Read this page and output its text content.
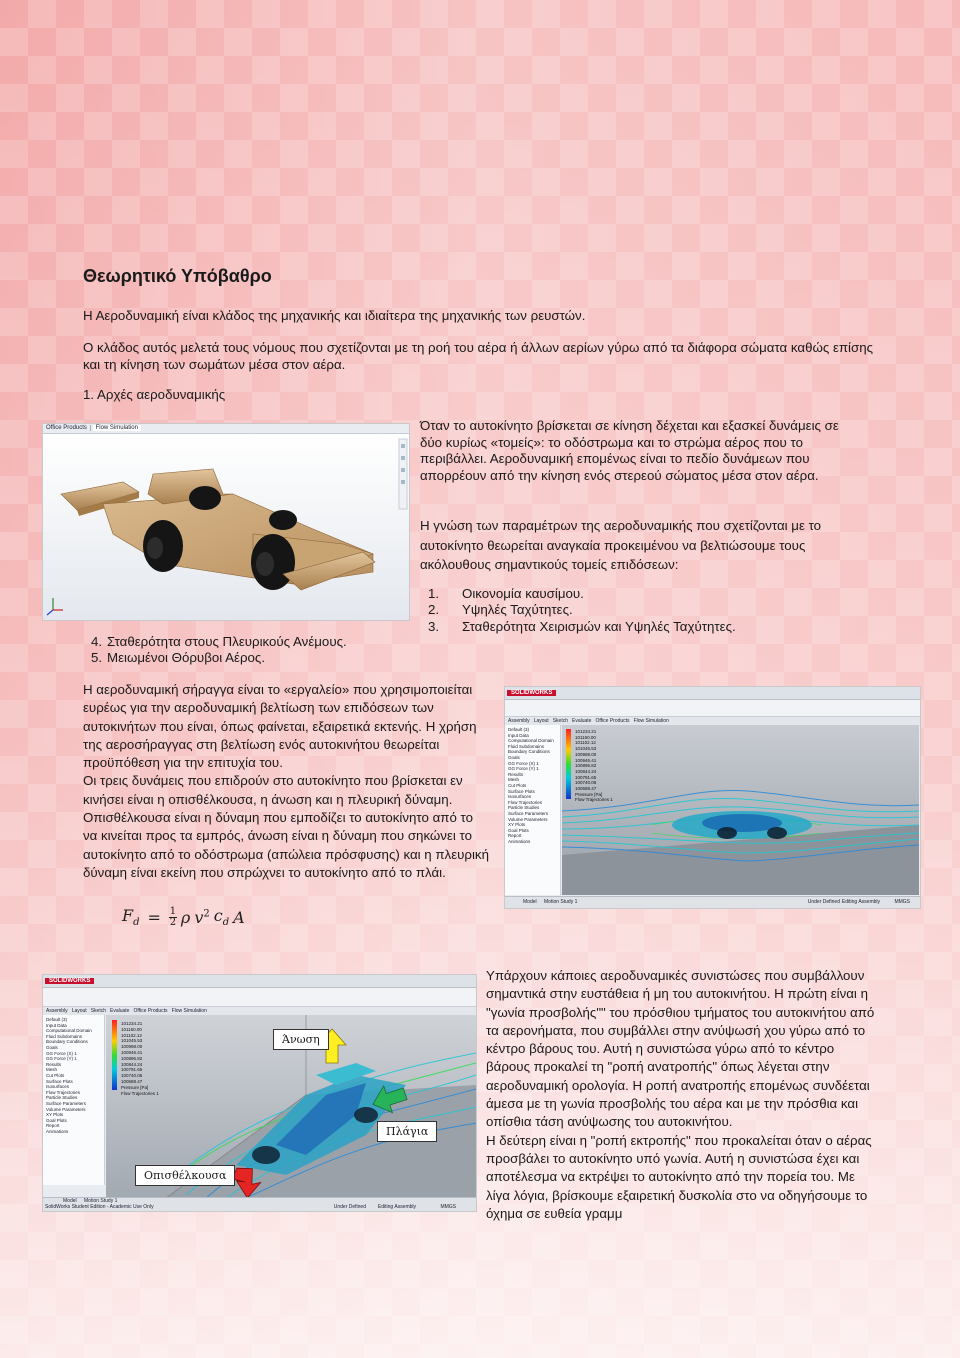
Θεωρητικό Υπόβαθρο

Η Αεροδυναμική είναι κλάδος της μηχανικής και ιδιαίτερα της μηχανικής των ρευστών.

Ο κλάδος αυτός μελετά τους νόμους που σχετίζονται με τη ροή του αέρα ή άλλων αερίων γύρω από τα διάφορα σώματα καθώς επίσης και τη κίνηση των σωμάτων μέσα στον αέρα.

1. Αρχές αεροδυναμικής

Office Products Flow Simulation	Όταν το αυτοκίνητο βρίσκεται σε κίνηση δέχεται και εξασκεί δυνάμεις σε δύο κυρίως «τομείς»: το οδόστρωμα και το στρώμα αέρος που το περιβάλλει. Αεροδυναμική επομένως είναι το πεδίο δυνάμεων που απορρέουν από την κίνηση ενός στερεού σώματος μέσα στον αέρα.

Η γνώση των παραμέτρων της αεροδυναμικής που σχετίζονται με το αυτοκίνητο θεωρείται αναγκαία προκειμένου να βελτιώσουμε τους ακόλουθους σημαντικούς τομείς επιδόσεων:

1.	Οικονομία καυσίμου.
2.	Υψηλές Ταχύτητες.
3.	Σταθερότητα Χειρισμών και Υψηλές Ταχύτητες.
4. Σταθερότητα στους Πλευρικούς Ανέμους.
5. Μειωμένοι Θόρυβοι Αέρος.

Η αεροδυναμική σήραγγα είναι το «εργαλείο» που χρησιμοποιείται ευρέως για την αεροδυναμική βελτίωση των επιδόσεων των αυτοκινήτων που είναι, όπως φαίνεται, εξαιρετικά εκτενής. Η χρήση της αεροσήραγγας στη βελτίωση ενός αυτοκινήτου θεωρείται προϋπόθεση για την επιτυχία του.

Οι τρεις δυνάμεις που επιδρούν στο αυτοκίνητο που βρίσκεται εν κινήσει είναι η οπισθέλκουσα, η άνωση και η πλευρική δύναμη. Οπισθέλκουσα είναι η δύναμη που εμποδίζει το αυτοκίνητο από το να κινείται προς τα εμπρός, άνωση είναι η δύναμη που σηκώνει το αυτοκίνητο από το οδόστρωμα (απώλεια πρόσφυσης) και η πλευρική δύναμη είναι εκείνη που σπρώχνει το αυτοκίνητο από το πλάι.

$F_d = 1$
2 ρ $v^2$ $c_d$ A
SOLIDWORKS
Assembly Layout Sketch Evaluate Office Products Flow Simulation
Default (3)
Input Data
Computational Domain
Fluid Subdomains
Boundary Conditions
Goals
GG Force (X) 1
GG Force (Y) 1
Results
Mesh
Cut Plots
Surface Plots
Isosurfaces
Flow Trajectories
Particle Studies
Surface Parameters
Volume Parameters
XY Plots
Goal Plots
Report
Animations
101234.21
101160.00
101102.12
101045.53
100998.00
100946.41
100896.82
100844.24
100791.65
100740.06
100688.47
Pressure [Pa]
Flow Trajectories 1
Model Motion Study 1	Under Defined Editing Assembly	MMGS
SOLIDWORKS
Assembly Layout Sketch Evaluate Office Products Flow Simulation
Default (3)
Input Data
Computational Domain
Fluid Subdomains
Boundary Conditions
Goals
GG Force (X) 1
GG Force (Y) 1
Results
Mesh
Cut Plots
Surface Plots
Isosurfaces
Flow Trajectories
Particle Studies
Surface Parameters
Volume Parameters
XY Plots
Goal Plots
Report
Animations
101234.21
101160.00
101102.12
101045.53
100998.00
100946.41
100896.82
100844.24
100791.65
100740.06
100688.47
Pressure [Pa]
Flow Trajectories 1
Άνωση
Πλάγια
Οπισθέλκουσα
Model Motion Study 1
SolidWorks Student Edition - Academic Use Only	Under Defined Editing Assembly	MMGS

Υπάρχουν κάποιες αεροδυναμικές συνιστώσες που συμβάλλουν σημαντικά στην ευστάθεια ή μη του αυτοκινήτου. Η πρώτη είναι η "γωνία προσβολής"" του πρόσθιου τμήματος του αυτοκινήτου από τα αερονήματα, που συμβάλλει στην ανύψωσή χου γύρω από το κέντρο βάρους του. Αυτή η συνιστώσα γύρω από το κέντρο βάρους προκαλεί τη "ροπή ανατροπής" όπως λέγεται στην αεροδυναμική ορολογία. Η ροπή ανατροπής επομένως συνδέεται άμεσα με τη γωνία προσβολής του αέρα και με την πρόσθια και οπίσθια τάση ανύψωσης του αυτοκινήτου.

Η δεύτερη είναι η "ροπή εκτροπής" που προκαλείται όταν ο αέρας προσβάλει το αυτοκίνητο υπό γωνία. Αυτή η συνιστώσα έχει και αποτέλεσμα να εκτρέψει το αυτοκίνητο από την πορεία του. Με λίγα λόγια, βρίσκουμε εξαιρετική δυσκολία στο να οδηγήσουμε το όχημα σε ευθεία γραμμ
